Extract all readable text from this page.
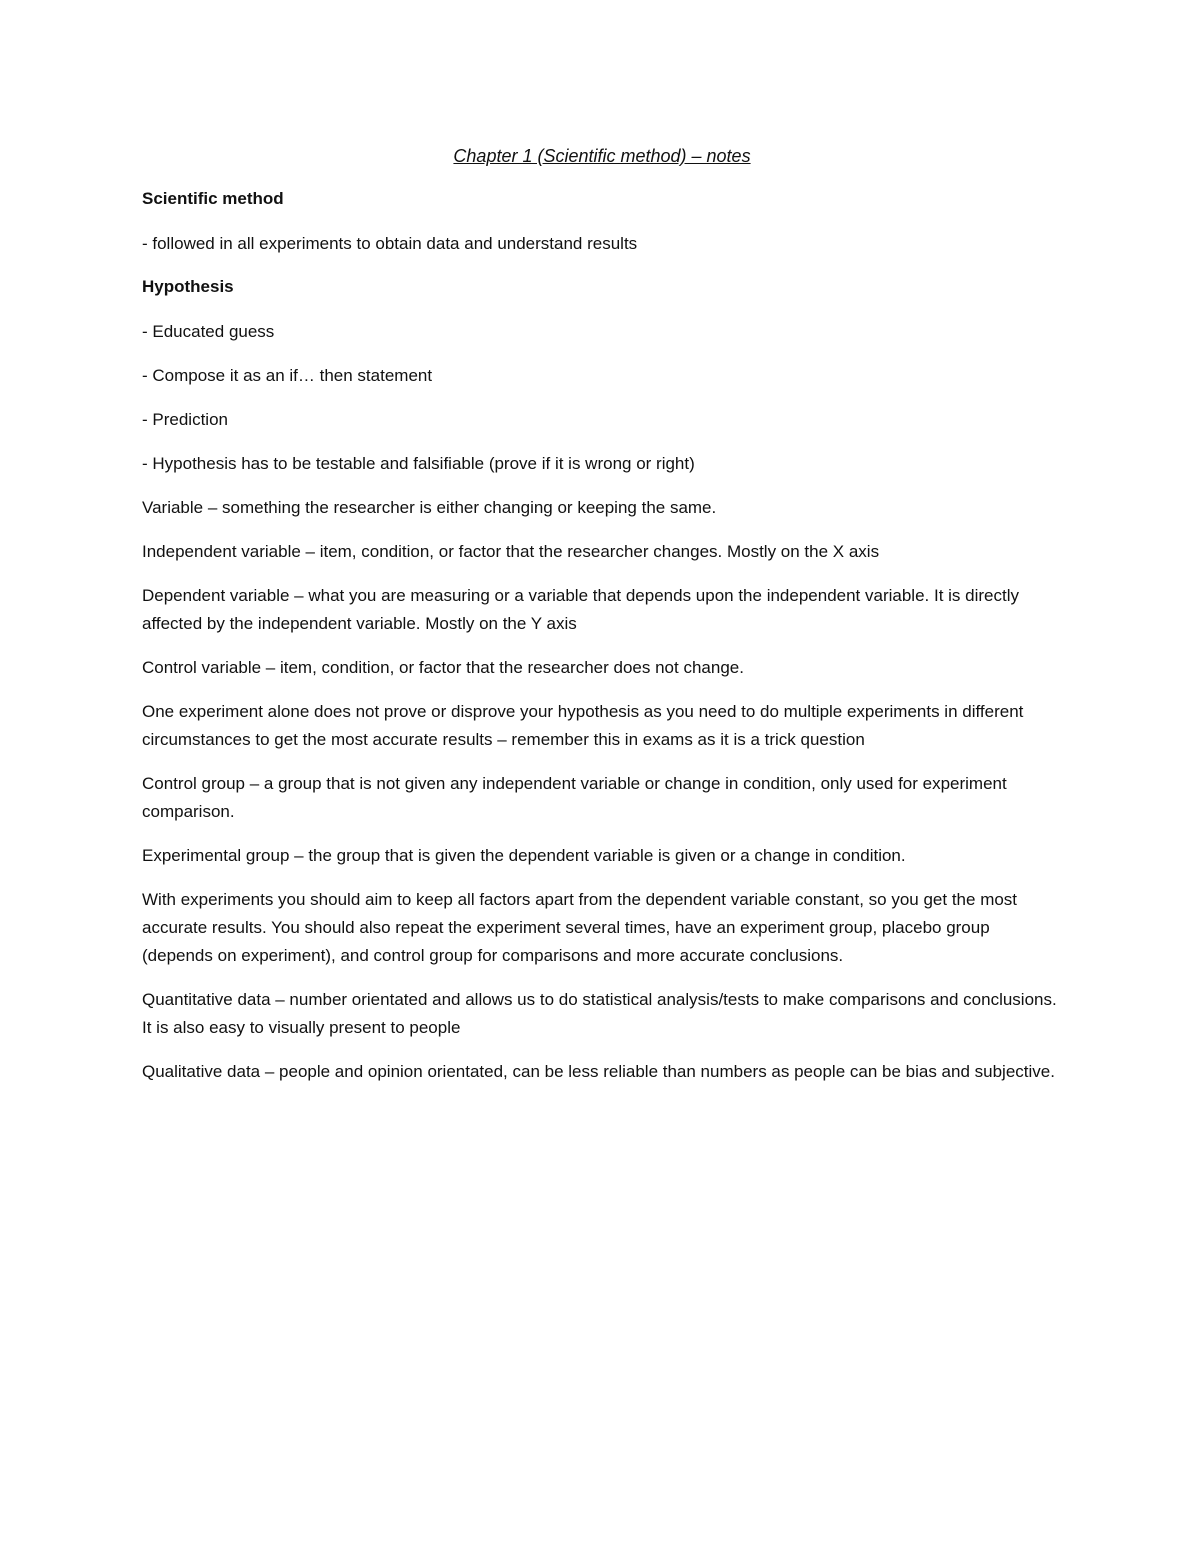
Chapter 1 (Scientific method) – notes
Scientific method
- followed in all experiments to obtain data and understand results
Hypothesis
- Educated guess
- Compose it as an if… then statement
- Prediction
- Hypothesis has to be testable and falsifiable (prove if it is wrong or right)
Variable – something the researcher is either changing or keeping the same.
Independent variable – item, condition, or factor that the researcher changes. Mostly on the X axis
Dependent variable – what you are measuring or a variable that depends upon the independent variable. It is directly affected by the independent variable. Mostly on the Y axis
Control variable – item, condition, or factor that the researcher does not change.
One experiment alone does not prove or disprove your hypothesis as you need to do multiple experiments in different circumstances to get the most accurate results – remember this in exams as it is a trick question
Control group – a group that is not given any independent variable or change in condition, only used for experiment comparison.
Experimental group – the group that is given the dependent variable is given or a change in condition.
With experiments you should aim to keep all factors apart from the dependent variable constant, so you get the most accurate results. You should also repeat the experiment several times, have an experiment group, placebo group (depends on experiment), and control group for comparisons and more accurate conclusions.
Quantitative data – number orientated and allows us to do statistical analysis/tests to make comparisons and conclusions. It is also easy to visually present to people
Qualitative data – people and opinion orientated, can be less reliable than numbers as people can be bias and subjective.
